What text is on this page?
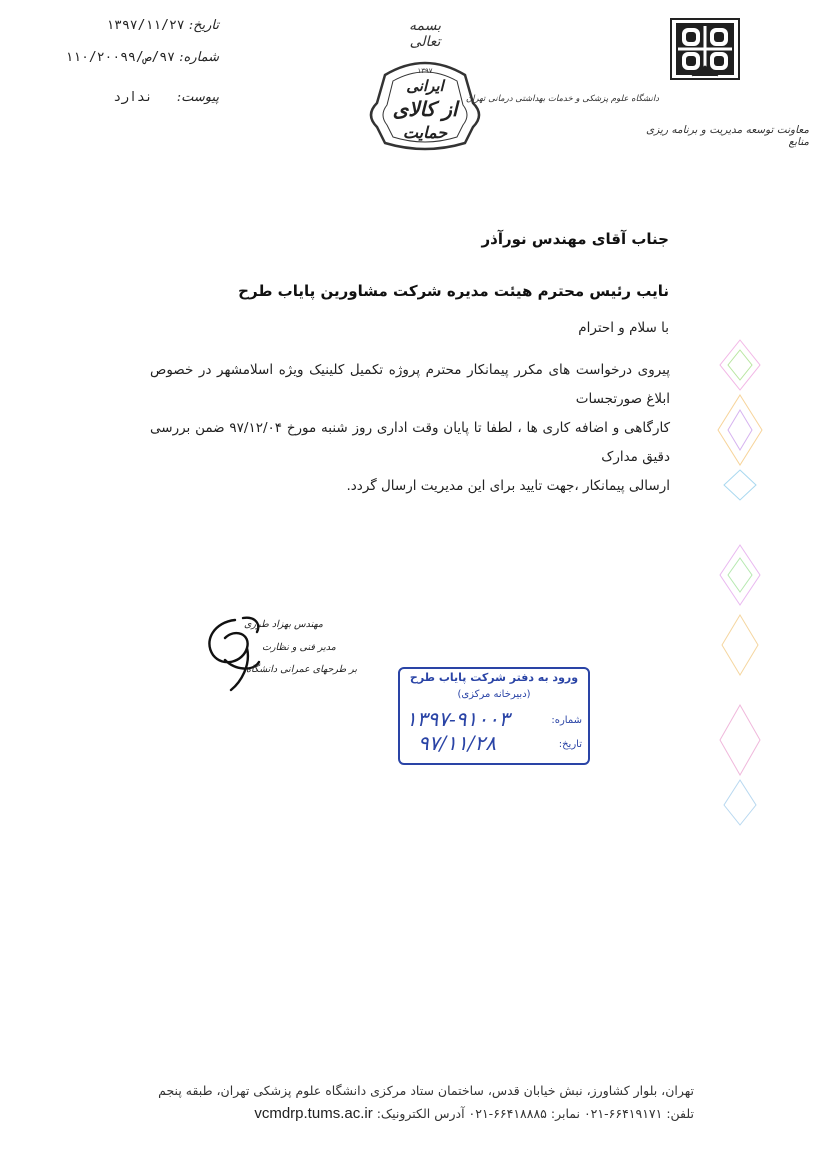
تاریخ: ۱۳۹۷/۱۱/۲۷
شماره: ۹۷/ص/۱۱۰/۲۰۰۹۹
پیوست: ندارد
بسمه تعالی
۱۳۹۷
ایرانی
از کالای
حمایت
دانشگاه علوم پزشکی و خدمات بهداشتی درمانی تهران
معاونت توسعه مدیریت و برنامه ریزی منابع
جناب آقای مهندس نورآذر
نایب رئیس محترم هیئت مدیره شرکت مشاورین پایاب طرح
با سلام و احترام
پیروی درخواست های مکرر پیمانکار محترم پروژه تکمیل کلینیک ویژه اسلامشهر در خصوص ابلاغ صورتجسات
کارگاهی و اضافه کاری ها ، لطفا تا پایان وقت اداری روز شنبه مورخ ۹۷/۱۲/۰۴ ضمن بررسی دقیق مدارک
ارسالی پیمانکار ،جهت تایید برای این مدیریت ارسال گردد.
مهندس بهزاد طرری
مدیر فنی و نظارت
بر طرحهای عمرانی دانشگاه
ورود به دفتر شرکت پایاب طرح
(دبیرخانه مرکزی)
شماره:
تاریخ:
۱۳۹۷-۹۱۰۰۳
۹۷/۱۱/۲۸
تهران، بلوار کشاورز، نبش خیابان قدس، ساختمان ستاد مرکزی دانشگاه علوم پزشکی تهران، طبقه پنجم
تلفن: ۶۶۴۱۹۱۷۱-۰۲۱ نمابر: ۶۶۴۱۸۸۸۵-۰۲۱ آدرس الکترونیک: vcmdrp.tums.ac.ir
